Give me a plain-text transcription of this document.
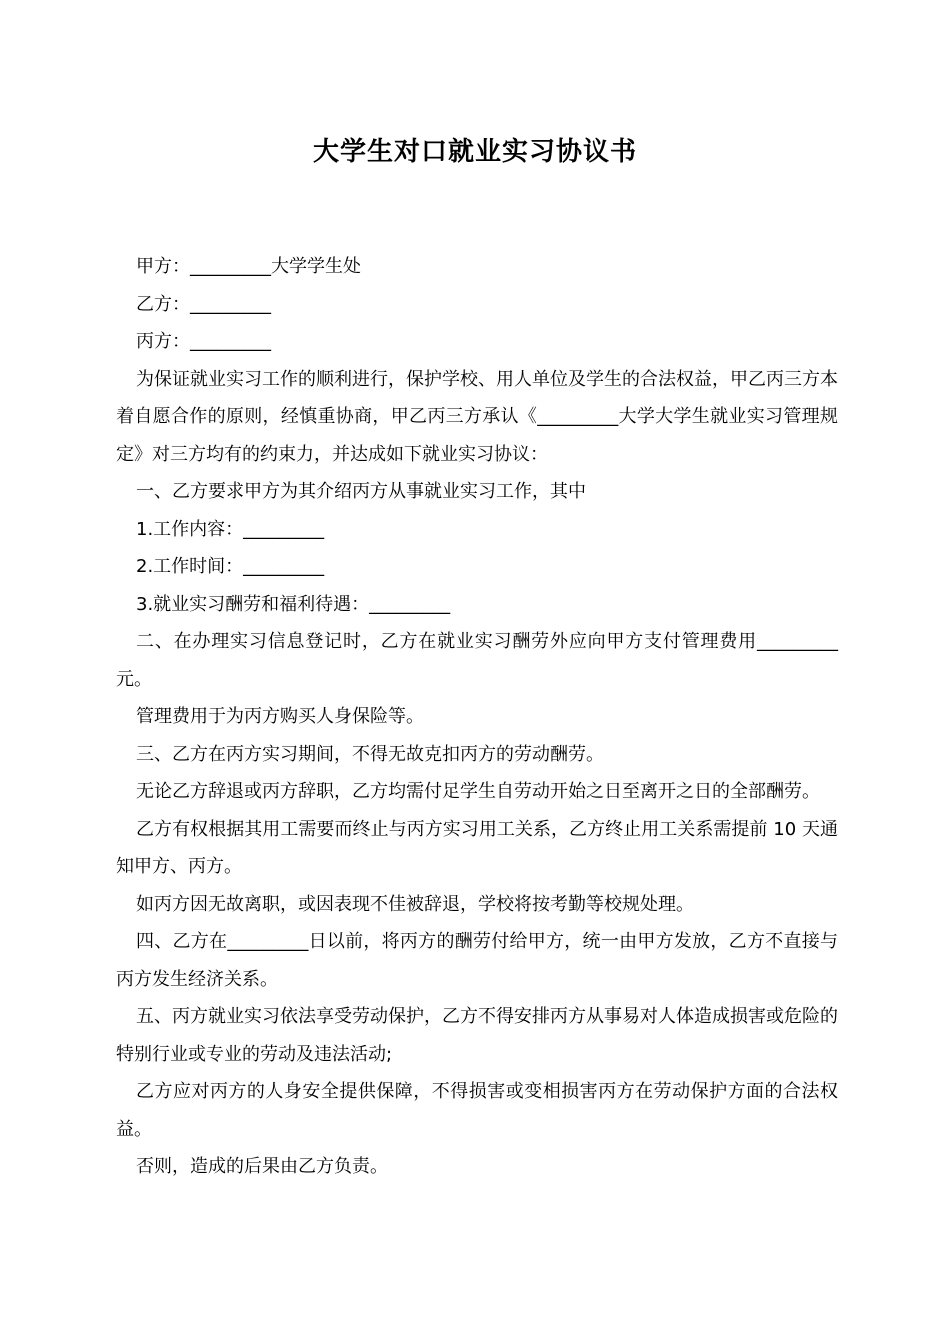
大学生对口就业实习协议书

甲方：_________大学学生处

乙方：_________

丙方：_________

为保证就业实习工作的顺利进行，保护学校、用人单位及学生的合法权益，甲乙丙三方本着自愿合作的原则，经慎重协商，甲乙丙三方承认《_________大学大学生就业实习管理规定》对三方均有的约束力，并达成如下就业实习协议：

一、乙方要求甲方为其介绍丙方从事就业实习工作，其中

1.工作内容：_________

2.工作时间：_________

3.就业实习酬劳和福利待遇：_________

二、在办理实习信息登记时，乙方在就业实习酬劳外应向甲方支付管理费用_________元。

管理费用于为丙方购买人身保险等。

三、乙方在丙方实习期间，不得无故克扣丙方的劳动酬劳。

无论乙方辞退或丙方辞职，乙方均需付足学生自劳动开始之日至离开之日的全部酬劳。

乙方有权根据其用工需要而终止与丙方实习用工关系，乙方终止用工关系需提前 10 天通知甲方、丙方。

如丙方因无故离职，或因表现不佳被辞退，学校将按考勤等校规处理。

四、乙方在_________日以前，将丙方的酬劳付给甲方，统一由甲方发放，乙方不直接与丙方发生经济关系。

五、丙方就业实习依法享受劳动保护，乙方不得安排丙方从事易对人体造成损害或危险的特别行业或专业的劳动及违法活动;

乙方应对丙方的人身安全提供保障，不得损害或变相损害丙方在劳动保护方面的合法权益。

否则，造成的后果由乙方负责。
